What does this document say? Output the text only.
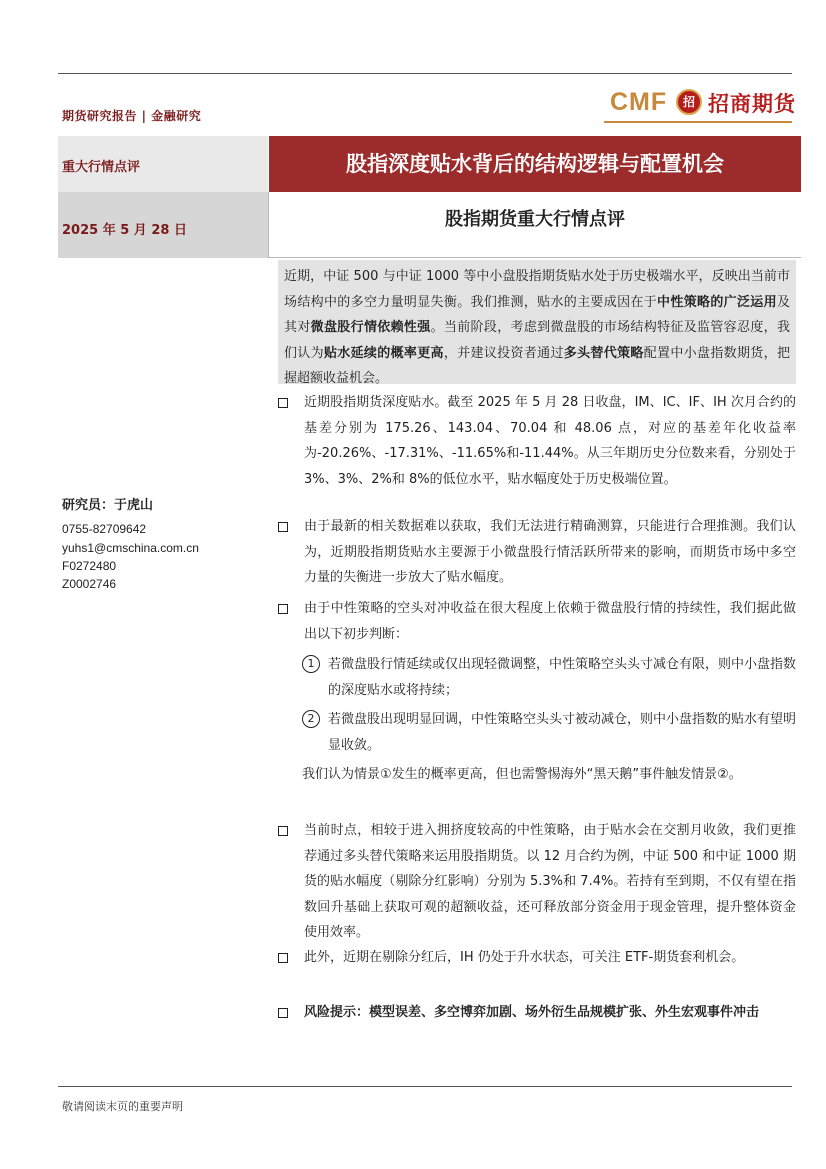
期货研究报告 | 金融研究	CMF	招 招商期货
重大行情点评
2025 年 5 月 28 日
股指深度贴水背后的结构逻辑与配置机会
股指期货重大行情点评
研究员：于虎山
0755-82709642
yuhs1@cmschina.com.cn
F0272480
Z0002746

近期，中证 500 与中证 1000 等中小盘股指期货贴水处于历史极端水平，反映出当前市场结构中的多空力量明显失衡。我们推测，贴水的主要成因在于中性策略的广泛运用及其对微盘股行情依赖性强。当前阶段，考虑到微盘股的市场结构特征及监管容忍度，我们认为贴水延续的概率更高，并建议投资者通过多头替代策略配置中小盘指数期货，把握超额收益机会。

近期股指期货深度贴水。截至 2025 年 5 月 28 日收盘，IM、IC、IF、IH 次月合约的基差分别为 175.26、143.04、70.04 和 48.06 点，对应的基差年化收益率为-20.26%、-17.31%、-11.65%和-11.44%。从三年期历史分位数来看，分别处于 3%、3%、2%和 8%的低位水平，贴水幅度处于历史极端位置。
由于最新的相关数据难以获取，我们无法进行精确测算，只能进行合理推测。我们认为，近期股指期货贴水主要源于小微盘股行情活跃所带来的影响，而期货市场中多空力量的失衡进一步放大了贴水幅度。
由于中性策略的空头对冲收益在很大程度上依赖于微盘股行情的持续性，我们据此做出以下初步判断：
1	若微盘股行情延续或仅出现轻微调整，中性策略空头头寸减仓有限，则中小盘指数的深度贴水或将持续；
2	若微盘股出现明显回调，中性策略空头头寸被动减仓，则中小盘指数的贴水有望明显收敛。
我们认为情景①发生的概率更高，但也需警惕海外“黑天鹅”事件触发情景②。
当前时点，相较于进入拥挤度较高的中性策略，由于贴水会在交割月收敛，我们更推荐通过多头替代策略来运用股指期货。以 12 月合约为例，中证 500 和中证 1000 期货的贴水幅度（剔除分红影响）分别为 5.3%和 7.4%。若持有至到期，不仅有望在指数回升基础上获取可观的超额收益，还可释放部分资金用于现金管理，提升整体资金使用效率。
此外，近期在剔除分红后，IH 仍处于升水状态，可关注 ETF-期货套利机会。
风险提示：模型误差、多空博弈加剧、场外衍生品规模扩张、外生宏观事件冲击
敬请阅读末页的重要声明
